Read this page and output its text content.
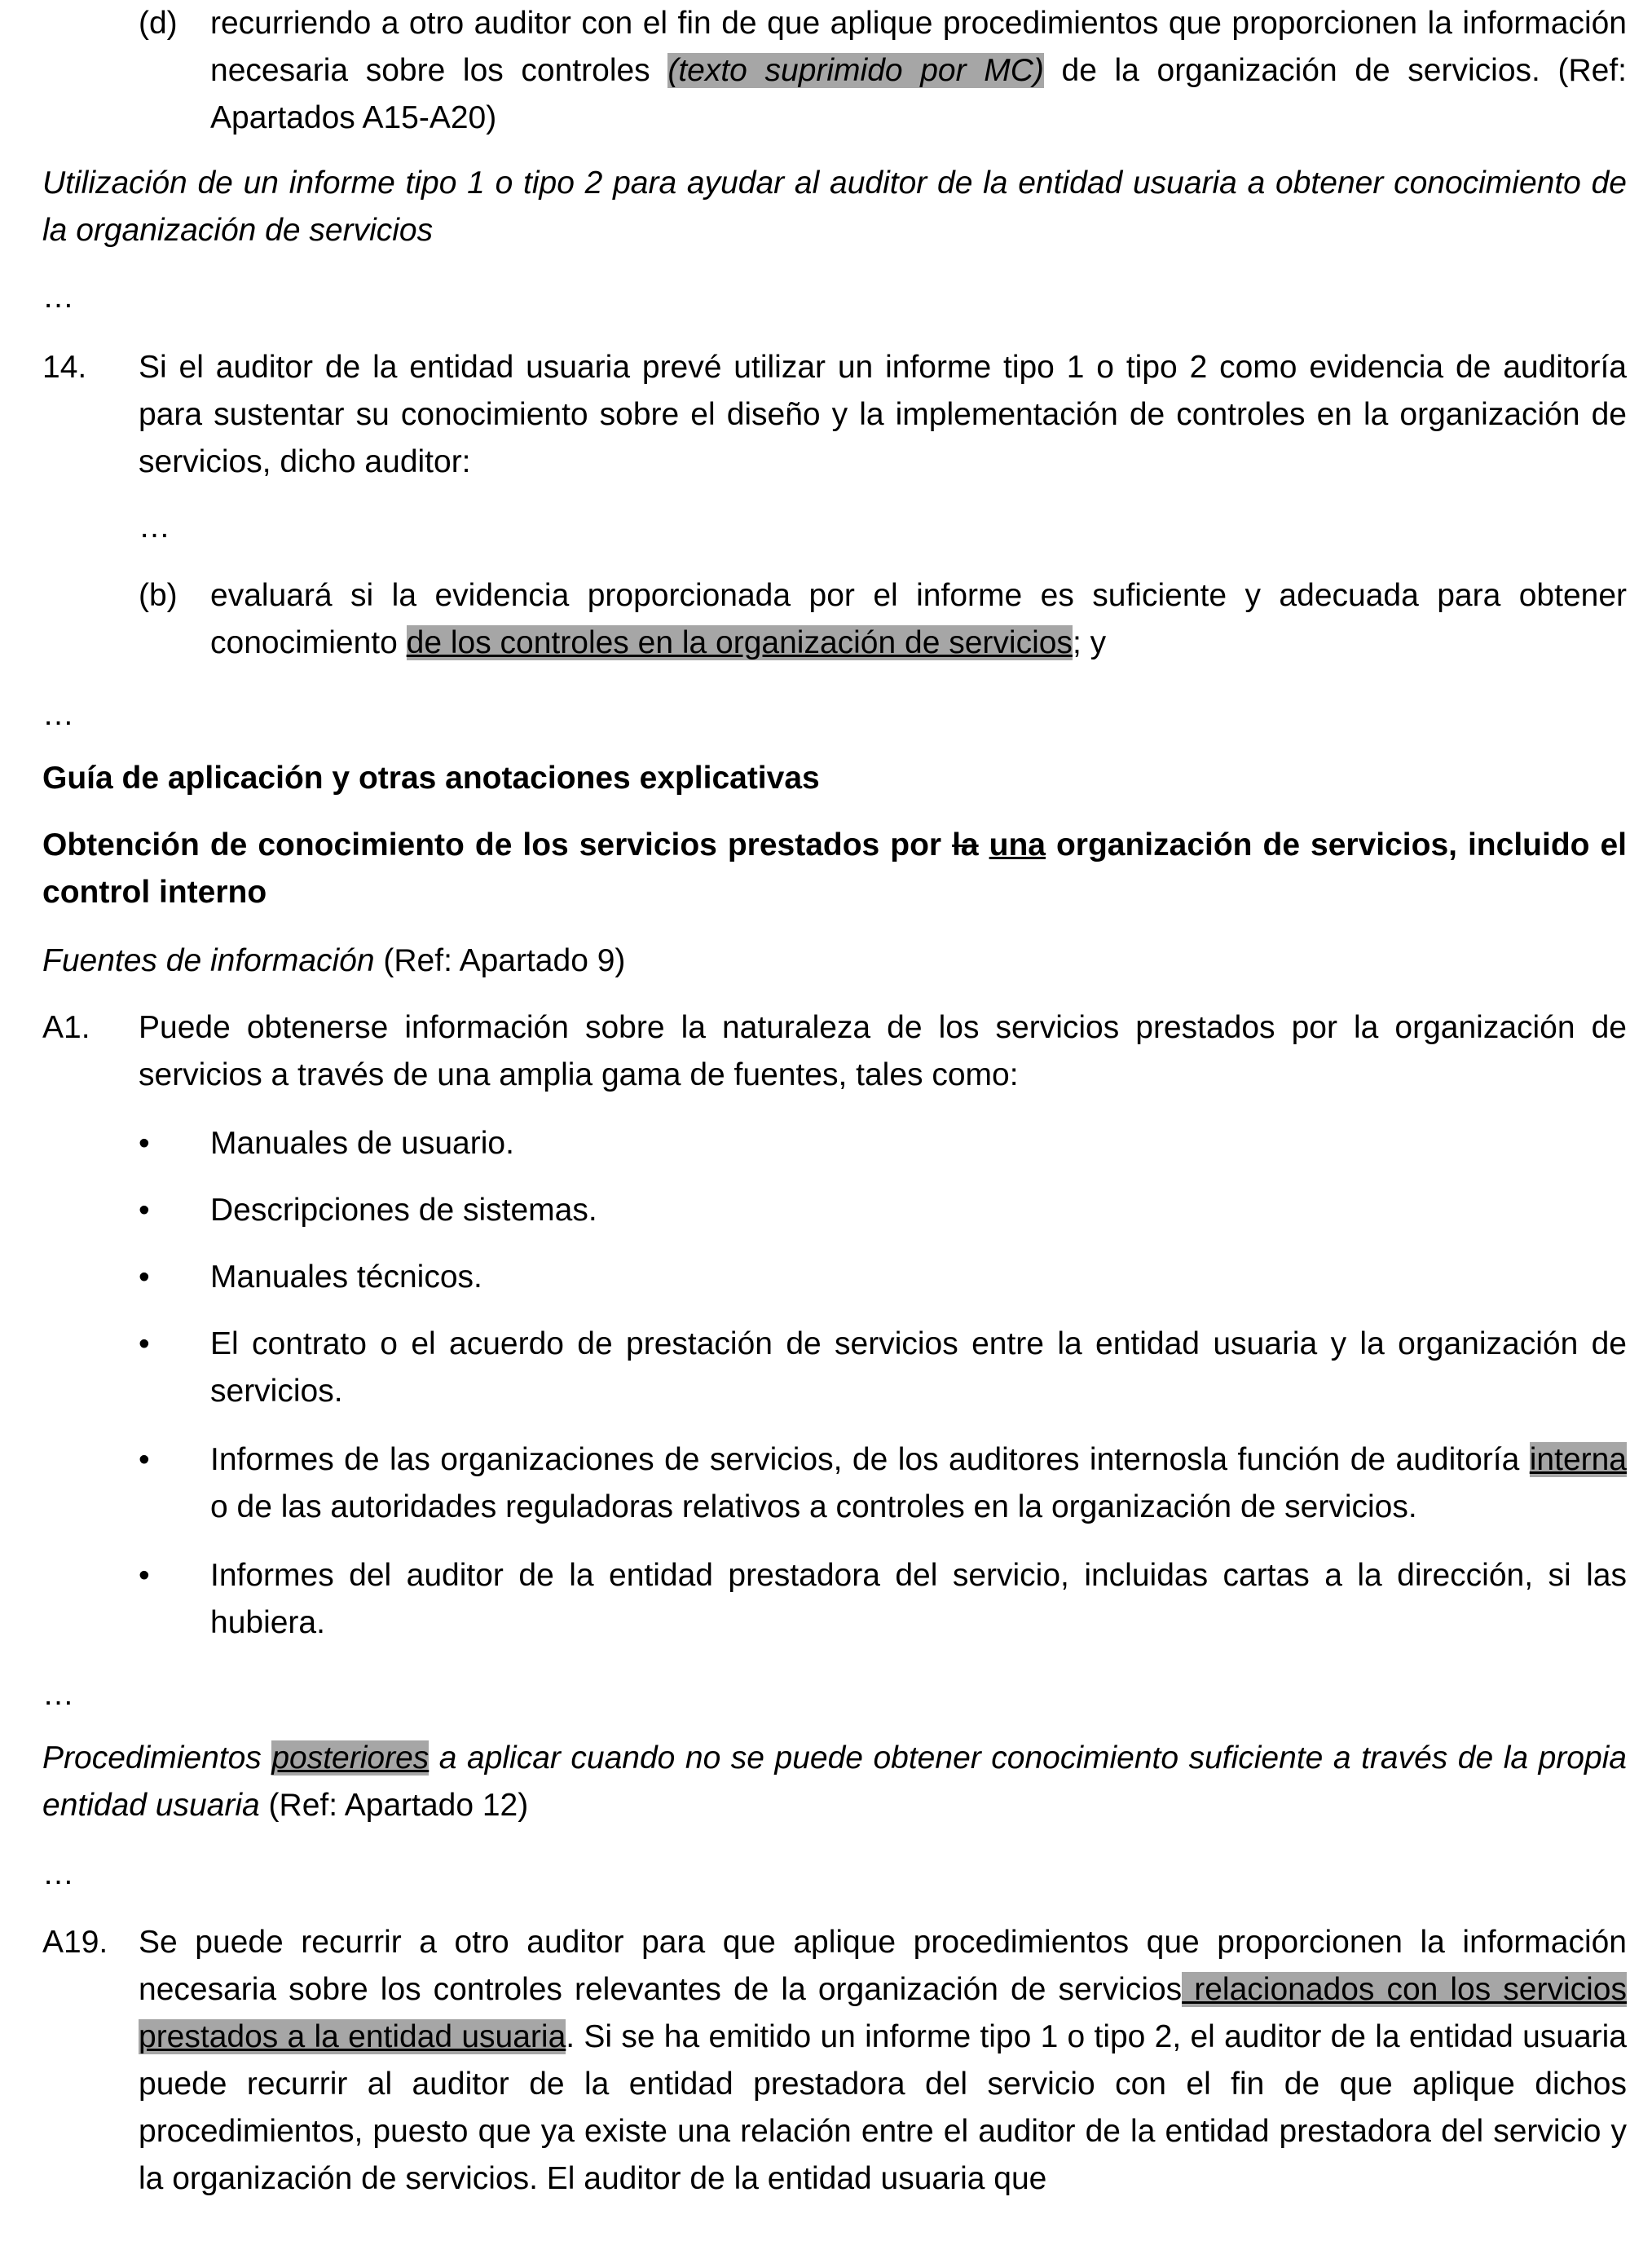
(d)	recurriendo a otro auditor con el fin de que aplique procedimientos que proporcionen la información necesaria sobre los controles (texto suprimido por MC) de la organización de servicios. (Ref: Apartados A15-A20)

Utilización de un informe tipo 1 o tipo 2 para ayudar al auditor de la entidad usuaria a obtener conocimiento de la organización de servicios

…

14.	Si el auditor de la entidad usuaria prevé utilizar un informe tipo 1 o tipo 2 como evidencia de auditoría para sustentar su conocimiento sobre el diseño y la implementación de controles en la organización de servicios, dicho auditor:

…

(b)	evaluará si la evidencia proporcionada por el informe es suficiente y adecuada para obtener conocimiento de los controles en la organización de servicios; y

…

Guía de aplicación y otras anotaciones explicativas

Obtención de conocimiento de los servicios prestados por la una organización de servicios, incluido el control interno

Fuentes de información (Ref: Apartado 9)

A1.	Puede obtenerse información sobre la naturaleza de los servicios prestados por la organización de servicios a través de una amplia gama de fuentes, tales como:

•	Manuales de usuario.

•	Descripciones de sistemas.

•	Manuales técnicos.

•	El contrato o el acuerdo de prestación de servicios entre la entidad usuaria y la organización de servicios.

•	Informes de las organizaciones de servicios, de los auditores internosla función de auditoría interna o de las autoridades reguladoras relativos a controles en la organización de servicios.

•	Informes del auditor de la entidad prestadora del servicio, incluidas cartas a la dirección, si las hubiera.

…

Procedimientos posteriores a aplicar cuando no se puede obtener conocimiento suficiente a través de la propia entidad usuaria (Ref: Apartado 12)

…

A19. Se puede recurrir a otro auditor para que aplique procedimientos que proporcionen la información necesaria sobre los controles relevantes de la organización de servicios relacionados con los servicios prestados a la entidad usuaria. Si se ha emitido un informe tipo 1 o tipo 2, el auditor de la entidad usuaria puede recurrir al auditor de la entidad prestadora del servicio con el fin de que aplique dichos procedimientos, puesto que ya existe una relación entre el auditor de la entidad prestadora del servicio y la organización de servicios. El auditor de la entidad usuaria que
